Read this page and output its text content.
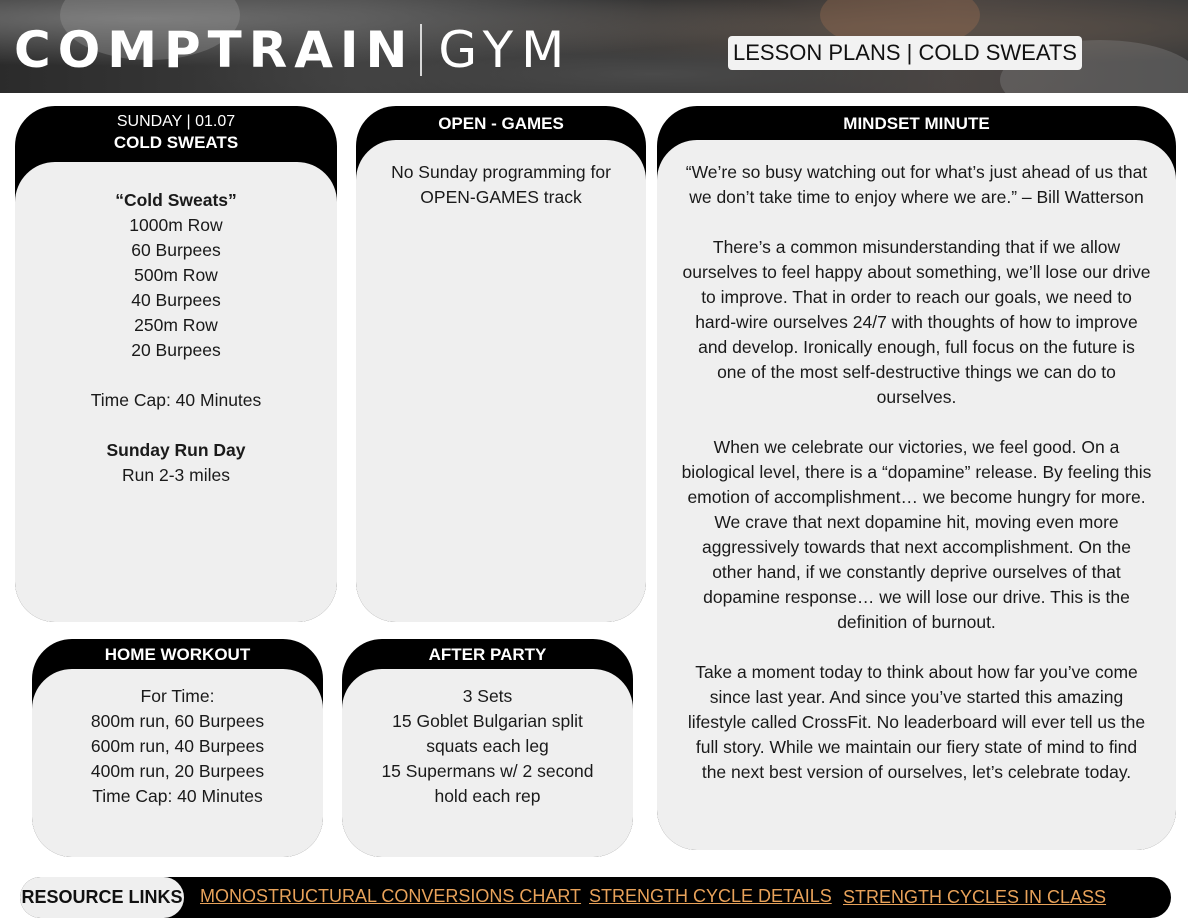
COMPTRAIN GYM	LESSON PLANS | COLD SWEATS
SUNDAY | 01.07
COLD SWEATS
“Cold Sweats”
1000m Row
60 Burpees
500m Row
40 Burpees
250m Row
20 Burpees
Time Cap: 40 Minutes
Sunday Run Day
Run 2-3 miles
OPEN - GAMES
No Sunday programming for
OPEN-GAMES track
MINDSET MINUTE
“We’re so busy watching out for what’s just ahead of us that
we don’t take time to enjoy where we are.” – Bill Watterson
There’s a common misunderstanding that if we allow
ourselves to feel happy about something, we’ll lose our drive
to improve. That in order to reach our goals, we need to
hard-wire ourselves 24/7 with thoughts of how to improve
and develop. Ironically enough, full focus on the future is
one of the most self-destructive things we can do to
ourselves.
When we celebrate our victories, we feel good. On a
biological level, there is a “dopamine” release. By feeling this
emotion of accomplishment… we become hungry for more.
We crave that next dopamine hit, moving even more
aggressively towards that next accomplishment. On the
other hand, if we constantly deprive ourselves of that
dopamine response… we will lose our drive. This is the
definition of burnout.
Take a moment today to think about how far you’ve come
since last year. And since you’ve started this amazing
lifestyle called CrossFit. No leaderboard will ever tell us the
full story. While we maintain our fiery state of mind to find
the next best version of ourselves, let’s celebrate today.
HOME WORKOUT
For Time:
800m run, 60 Burpees
600m run, 40 Burpees
400m run, 20 Burpees
Time Cap: 40 Minutes
AFTER PARTY
3 Sets
15 Goblet Bulgarian split
squats each leg
15 Supermans w/ 2 second
hold each rep
RESOURCE LINKS MONOSTRUCTURAL CONVERSIONS CHART STRENGTH CYCLE DETAILS STRENGTH CYCLES IN CLASS
